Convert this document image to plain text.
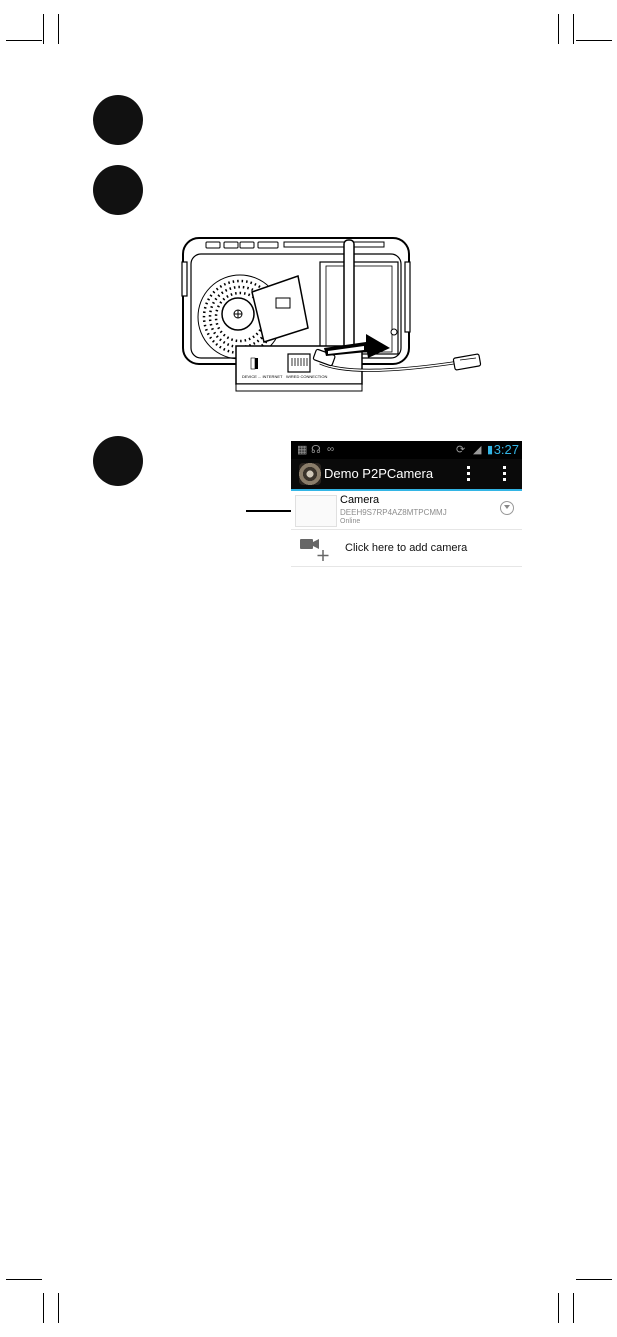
DEVICE ... INTERNET WIRED CONNECTION
▦ ☊ ∞	⟳ ◢ ▮ 3:27
Demo P2PCamera
Camera
DEEH9S7RP4AZ8MTPCMMJ
Online
Click here to add camera
